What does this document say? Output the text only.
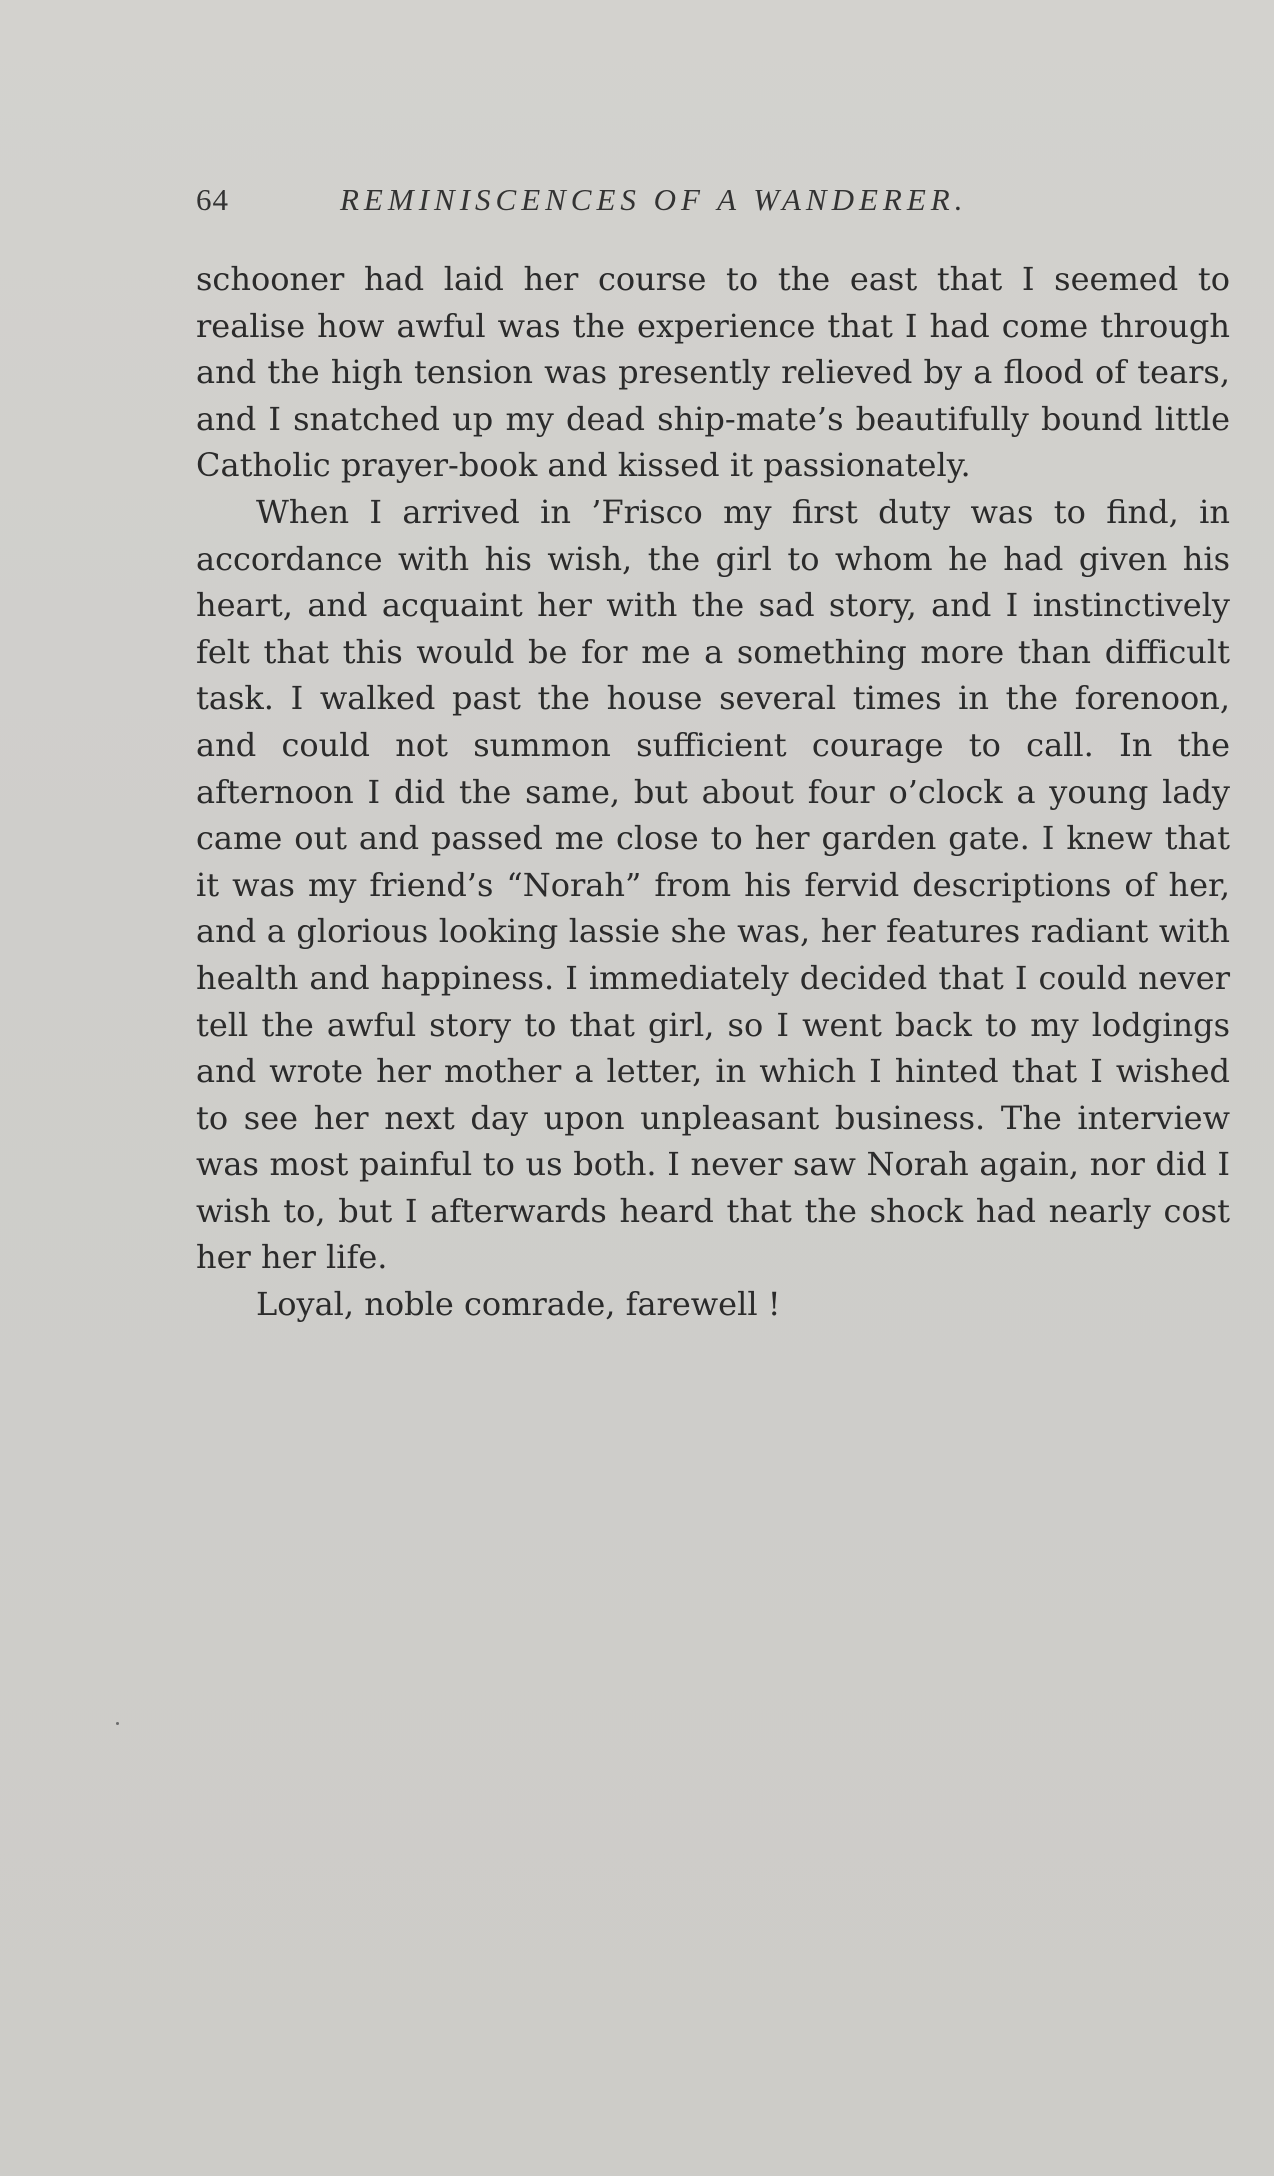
64	REMINISCENCES OF A WANDERER.

schooner had laid her course to the east that I seemed to realise how awful was the experience that I had come through and the high tension was presently relieved by a flood of tears, and I snatched up my dead ship-mate’s beautifully bound little Catholic prayer-book and kissed it passionately.

When I arrived in ’Frisco my first duty was to find, in accordance with his wish, the girl to whom he had given his heart, and acquaint her with the sad story, and I instinctively felt that this would be for me a something more than difficult task. I walked past the house several times in the forenoon, and could not summon sufficient courage to call. In the afternoon I did the same, but about four o’clock a young lady came out and passed me close to her garden gate. I knew that it was my friend’s “Norah” from his fervid descriptions of her, and a glorious looking lassie she was, her features radiant with health and happiness. I immediately decided that I could never tell the awful story to that girl, so I went back to my lodgings and wrote her mother a letter, in which I hinted that I wished to see her next day upon unpleasant business. The interview was most painful to us both. I never saw Norah again, nor did I wish to, but I afterwards heard that the shock had nearly cost her her life.

Loyal, noble comrade, farewell !
